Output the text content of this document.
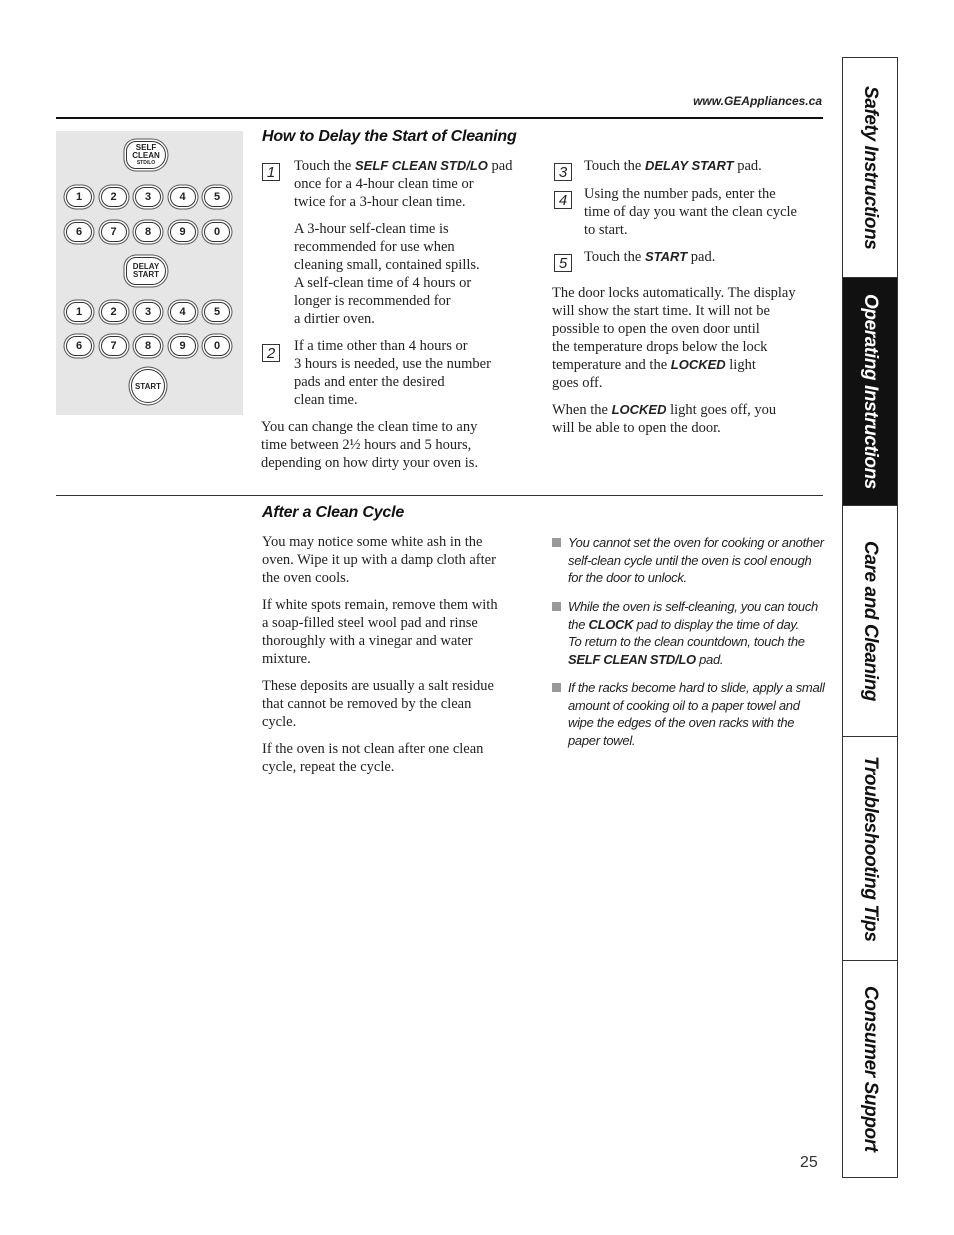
www.GEAppliances.ca
SELF
CLEAN
STD/LO
1	2	3	4	5
6	7	8	9	0
DELAY
START
1	2	3	4	5
6	7	8	9	0
START
How to Delay the Start of Cleaning
1	Touch the SELF CLEAN STD/LO pad
once for a 4-hour clean time or
twice for a 3-hour clean time.
A 3-hour self-clean time is
recommended for use when
cleaning small, contained spills.
A self-clean time of 4 hours or
longer is recommended for
a dirtier oven.

2	If a time other than 4 hours or
3 hours is needed, use the number
pads and enter the desired
clean time.

You can change the clean time to any
time between 2½ hours and 5 hours,
depending on how dirty your oven is.

3	Touch the DELAY START pad.
4	Using the number pads, enter the
time of day you want the clean cycle
to start.

5	Touch the START pad.
The door locks automatically. The display
will show the start time. It will not be
possible to open the oven door until
the temperature drops below the lock
temperature and the LOCKED light
goes off.
When the LOCKED light goes off, you
will be able to open the door.
After a Clean Cycle
You may notice some white ash in the
oven. Wipe it up with a damp cloth after
the oven cools.

If white spots remain, remove them with
a soap-filled steel wool pad and rinse
thoroughly with a vinegar and water
mixture.

These deposits are usually a salt residue
that cannot be removed by the clean
cycle.

If the oven is not clean after one clean
cycle, repeat the cycle.

You cannot set the oven for cooking or another
self-clean cycle until the oven is cool enough
for the door to unlock.

While the oven is self-cleaning, you can touch
the CLOCK pad to display the time of day.
To return to the clean countdown, touch the
SELF CLEAN STD/LO pad.
If the racks become hard to slide, apply a small
amount of cooking oil to a paper towel and
wipe the edges of the oven racks with the
paper towel.

Safety Instructions
Operating Instructions
Care and Cleaning
Troubleshooting Tips
Consumer Support
25
